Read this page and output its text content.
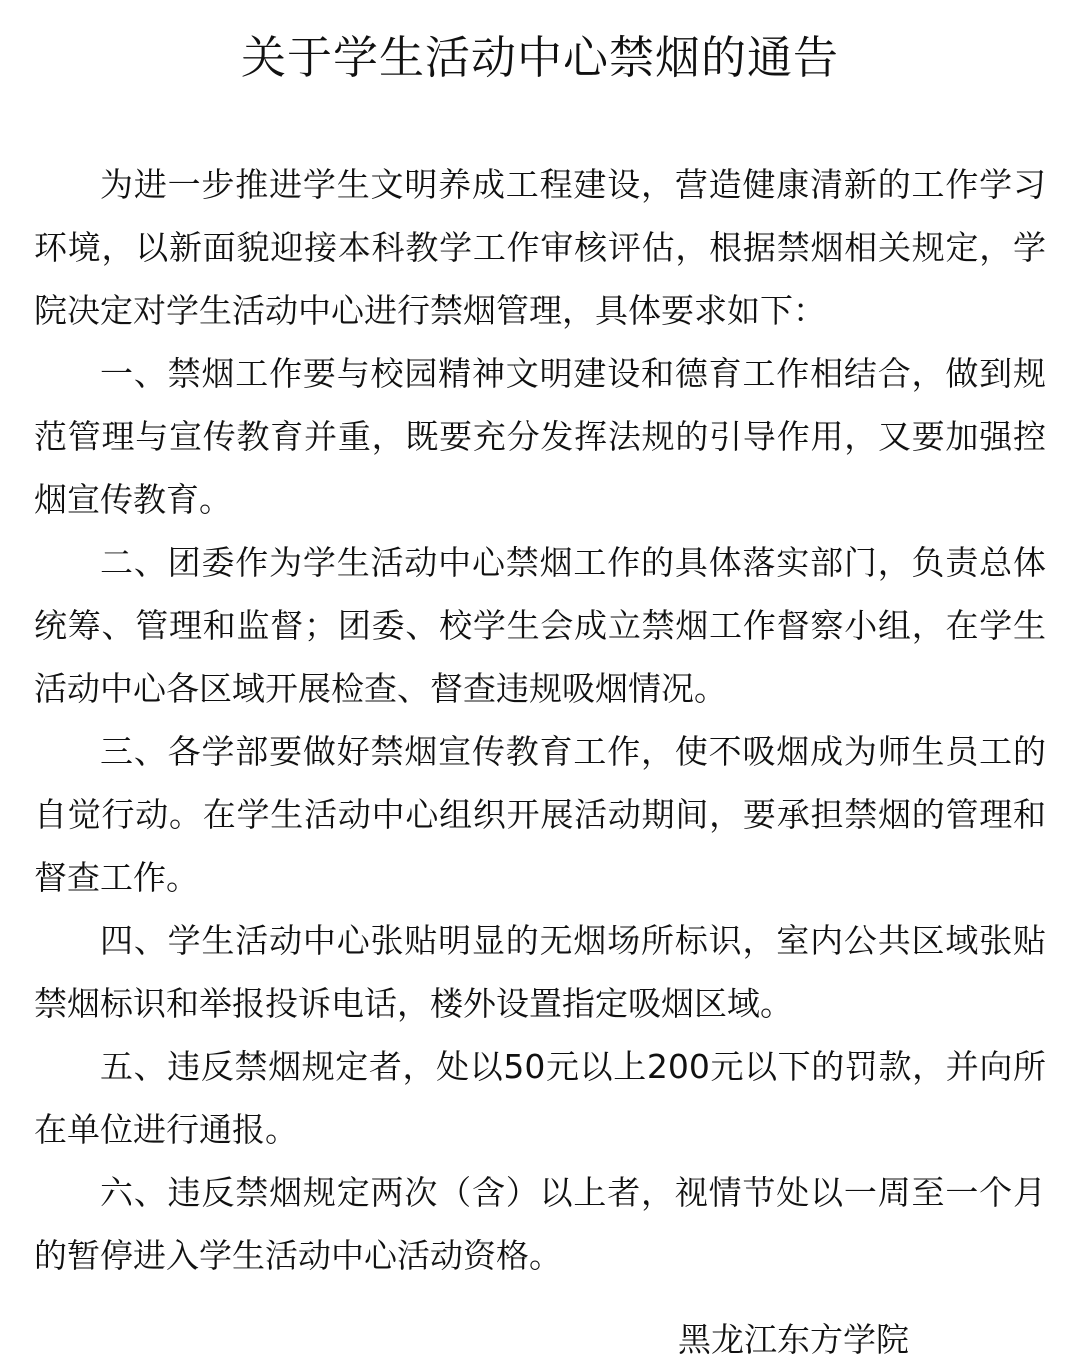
关于学生活动中心禁烟的通告

为进一步推进学生文明养成工程建设，营造健康清新的工作学习环境，以新面貌迎接本科教学工作审核评估，根据禁烟相关规定，学院决定对学生活动中心进行禁烟管理，具体要求如下：

一、禁烟工作要与校园精神文明建设和德育工作相结合，做到规范管理与宣传教育并重，既要充分发挥法规的引导作用，又要加强控烟宣传教育。

二、团委作为学生活动中心禁烟工作的具体落实部门，负责总体统筹、管理和监督；团委、校学生会成立禁烟工作督察小组，在学生活动中心各区域开展检查、督查违规吸烟情况。

三、各学部要做好禁烟宣传教育工作，使不吸烟成为师生员工的自觉行动。在学生活动中心组织开展活动期间，要承担禁烟的管理和督查工作。

四、学生活动中心张贴明显的无烟场所标识，室内公共区域张贴禁烟标识和举报投诉电话，楼外设置指定吸烟区域。

五、违反禁烟规定者，处以50元以上200元以下的罚款，并向所在单位进行通报。

六、违反禁烟规定两次（含）以上者，视情节处以一周至一个月的暂停进入学生活动中心活动资格。

黑龙江东方学院
